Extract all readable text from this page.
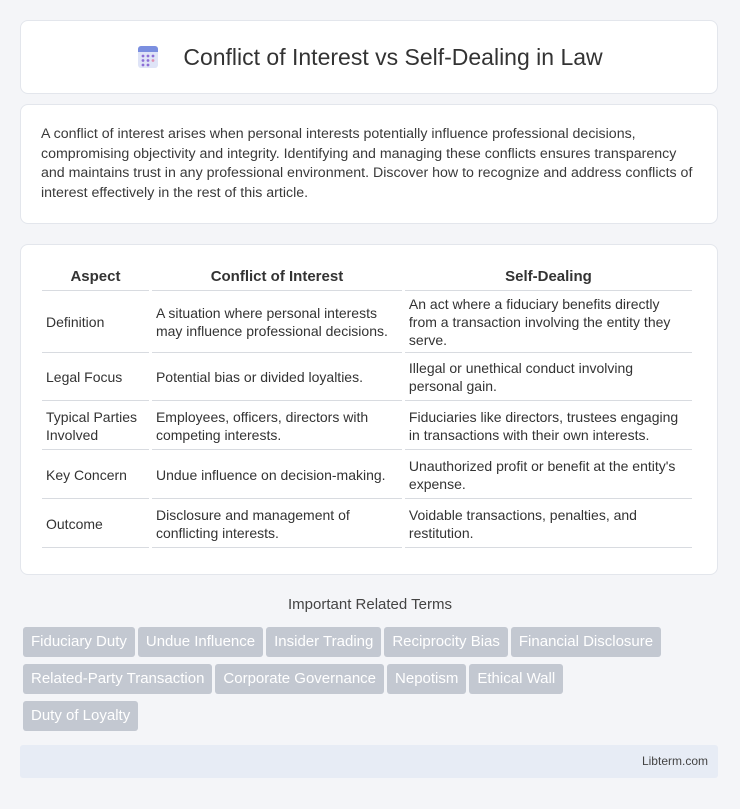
Conflict of Interest vs Self-Dealing in Law

A conflict of interest arises when personal interests potentially influence professional decisions, compromising objectivity and integrity. Identifying and managing these conflicts ensures transparency and maintains trust in any professional environment. Discover how to recognize and address conflicts of interest effectively in the rest of this article.

Aspect	Conflict of Interest	Self-Dealing
Definition	A situation where personal interests may influence professional decisions.	An act where a fiduciary benefits directly from a transaction involving the entity they serve.
Legal Focus	Potential bias or divided loyalties.	Illegal or unethical conduct involving personal gain.
Typical Parties Involved	Employees, officers, directors with competing interests.	Fiduciaries like directors, trustees engaging in transactions with their own interests.
Key Concern	Undue influence on decision-making.	Unauthorized profit or benefit at the entity's expense.
Outcome	Disclosure and management of conflicting interests.	Voidable transactions, penalties, and restitution.
Important Related Terms
Fiduciary Duty Undue Influence Insider Trading Reciprocity Bias Financial Disclosure
Related-Party Transaction Corporate Governance Nepotism Ethical Wall
Duty of Loyalty
Libterm.com
